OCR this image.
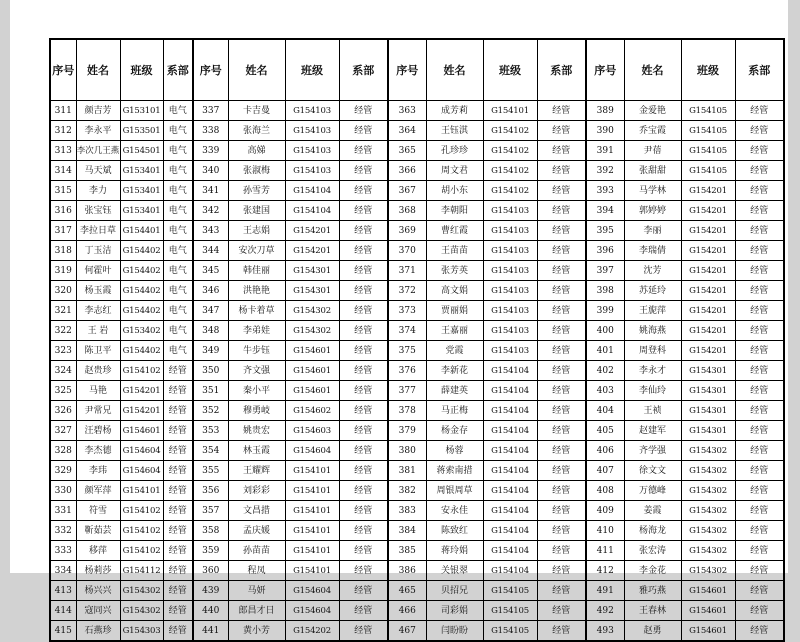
序号	姓名	班级	系部	序号	姓名	班级	系部	序号	姓名	班级	系部	序号	姓名	班级	系部
311	颜吉芳	G153101	电气	337	卡吉曼	G154103	经管	363	成芳莉	G154101	经管	389	金爱艳	G154105	经管
312	李永平	G153501	电气	338	张海兰	G154103	经管	364	王钰淇	G154102	经管	390	乔宝霞	G154105	经管
313	李次几王燕	G154501	电气	339	高娣	G154103	经管	365	孔珍珍	G154102	经管	391	尹蓓	G154105	经管
314	马天斌	G153401	电气	340	张淑梅	G154103	经管	366	周文君	G154102	经管	392	张甜甜	G154105	经管
315	李力	G153401	电气	341	孙雪芳	G154104	经管	367	胡小东	G154102	经管	393	马学林	G154201	经管
316	张宝钰	G153401	电气	342	张建国	G154104	经管	368	李朝阳	G154103	经管	394	郭婷婷	G154201	经管
317	李拉日草	G154401	电气	343	王志娟	G154201	经管	369	曹红霞	G154103	经管	395	李丽	G154201	经管
318	丁玉洁	G154402	电气	344	安次刀草	G154201	经管	370	王苗苗	G154103	经管	396	李瑞倩	G154201	经管
319	何霍叶	G154402	电气	345	韩佳丽	G154301	经管	371	张芳英	G154103	经管	397	沈芳	G154201	经管
320	杨玉霞	G154402	电气	346	洪艳艳	G154301	经管	372	高文娟	G154103	经管	398	苏延玲	G154201	经管
321	李志红	G154402	电气	347	杨卡着草	G154302	经管	373	贾丽娟	G154103	经管	399	王旎萍	G154201	经管
322	王 岩	G153402	电气	348	李弟娃	G154302	经管	374	王嘉丽	G154103	经管	400	姚海燕	G154201	经管
323	陈卫平	G154402	电气	349	牛步钰	G154601	经管	375	党霞	G154103	经管	401	周登科	G154201	经管
324	赵贵珍	G154102	经管	350	齐文强	G154601	经管	376	李新花	G154104	经管	402	李永才	G154301	经管
325	马艳	G154201	经管	351	秦小平	G154601	经管	377	薛建英	G154104	经管	403	李仙玲	G154301	经管
326	尹常兄	G154201	经管	352	穆勇岐	G154602	经管	378	马正梅	G154104	经管	404	王祯	G154301	经管
327	汪碧杨	G154601	经管	353	姚贵宏	G154603	经管	379	杨金存	G154104	经管	405	赵建军	G154301	经管
328	李杰德	G154604	经管	354	林玉霞	G154604	经管	380	杨蓉	G154104	经管	406	齐学强	G154302	经管
329	李玮	G154604	经管	355	王耀辉	G154101	经管	381	蒋索南措	G154104	经管	407	徐文文	G154302	经管
330	颜军萍	G154101	经管	356	刘彩彩	G154101	经管	382	周银周草	G154104	经管	408	万德峰	G154302	经管
331	符雪	G154102	经管	357	文昌措	G154101	经管	383	安永佳	G154104	经管	409	姜霞	G154302	经管
332	靳茹芸	G154102	经管	358	孟庆媛	G154101	经管	384	陈致红	G154104	经管	410	杨海龙	G154302	经管
333	移萍	G154102	经管	359	孙苗苗	G154101	经管	385	蒋玲娟	G154104	经管	411	张宏涛	G154302	经管
334	杨莉莎	G154112	经管	360	程凤	G154101	经管	386	关银翠	G154104	经管	412	李金花	G154302	经管
413	杨兴兴	G154302	经管	439	马妍	G154604	经管	465	贝招兄	G154105	经管	491	雅巧燕	G154601	经管
414	寇同兴	G154302	经管	440	郎昌才日	G154604	经管	466	司彩娟	G154105	经管	492	王春林	G154601	经管
415	石燕珍	G154303	经管	441	黄小芳	G154202	经管	467	闫盼盼	G154105	经管	493	赵勇	G154601	经管
